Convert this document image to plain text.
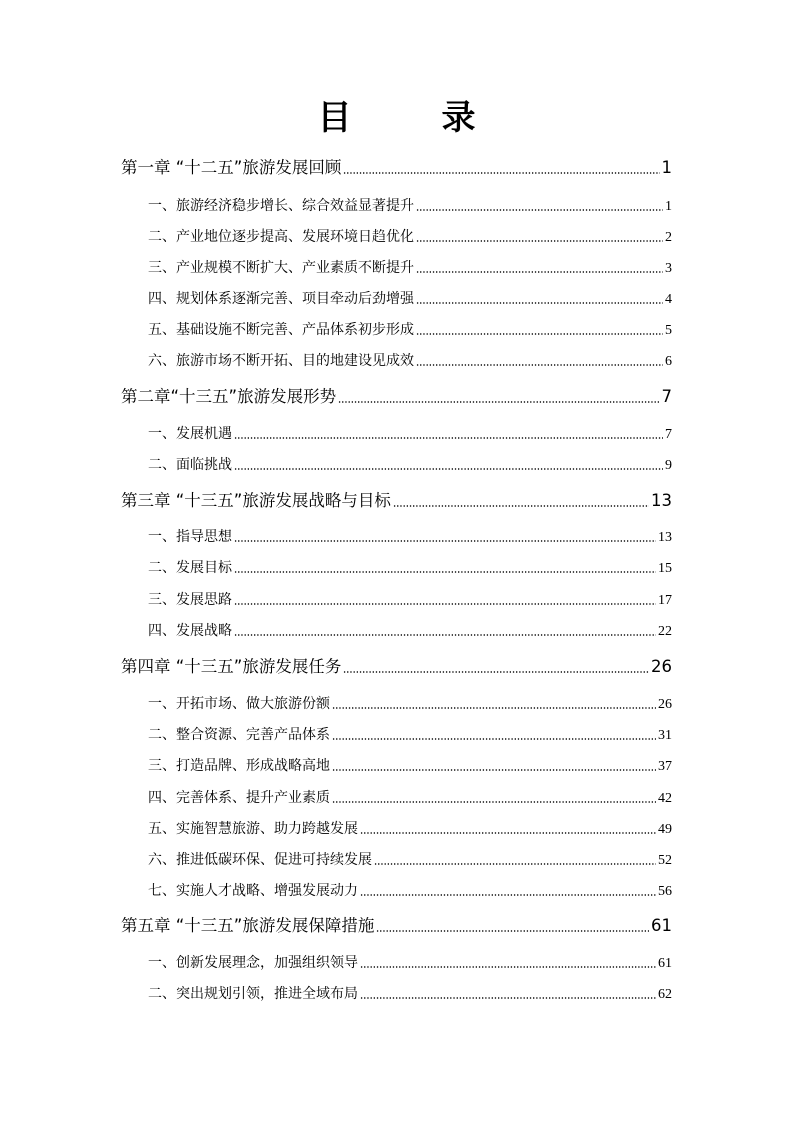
目　录
第一章 “十二五”旅游发展回顾	1
一、旅游经济稳步增长、综合效益显著提升	1
二、产业地位逐步提高、发展环境日趋优化	2
三、产业规模不断扩大、产业素质不断提升	3
四、规划体系逐渐完善、项目牵动后劲增强	4
五、基础设施不断完善、产品体系初步形成	5
六、旅游市场不断开拓、目的地建设见成效	6
第二章“十三五”旅游发展形势	7
一、发展机遇	7
二、面临挑战	9
第三章 “十三五”旅游发展战略与目标	13
一、指导思想	13
二、发展目标	15
三、发展思路	17
四、发展战略	22
第四章 “十三五”旅游发展任务	26
一、开拓市场、做大旅游份额	26
二、整合资源、完善产品体系	31
三、打造品牌、形成战略高地	37
四、完善体系、提升产业素质	42
五、实施智慧旅游、助力跨越发展	49
六、推进低碳环保、促进可持续发展	52
七、实施人才战略、增强发展动力	56
第五章 “十三五”旅游发展保障措施	61
一、创新发展理念，加强组织领导	61
二、突出规划引领，推进全域布局	62
